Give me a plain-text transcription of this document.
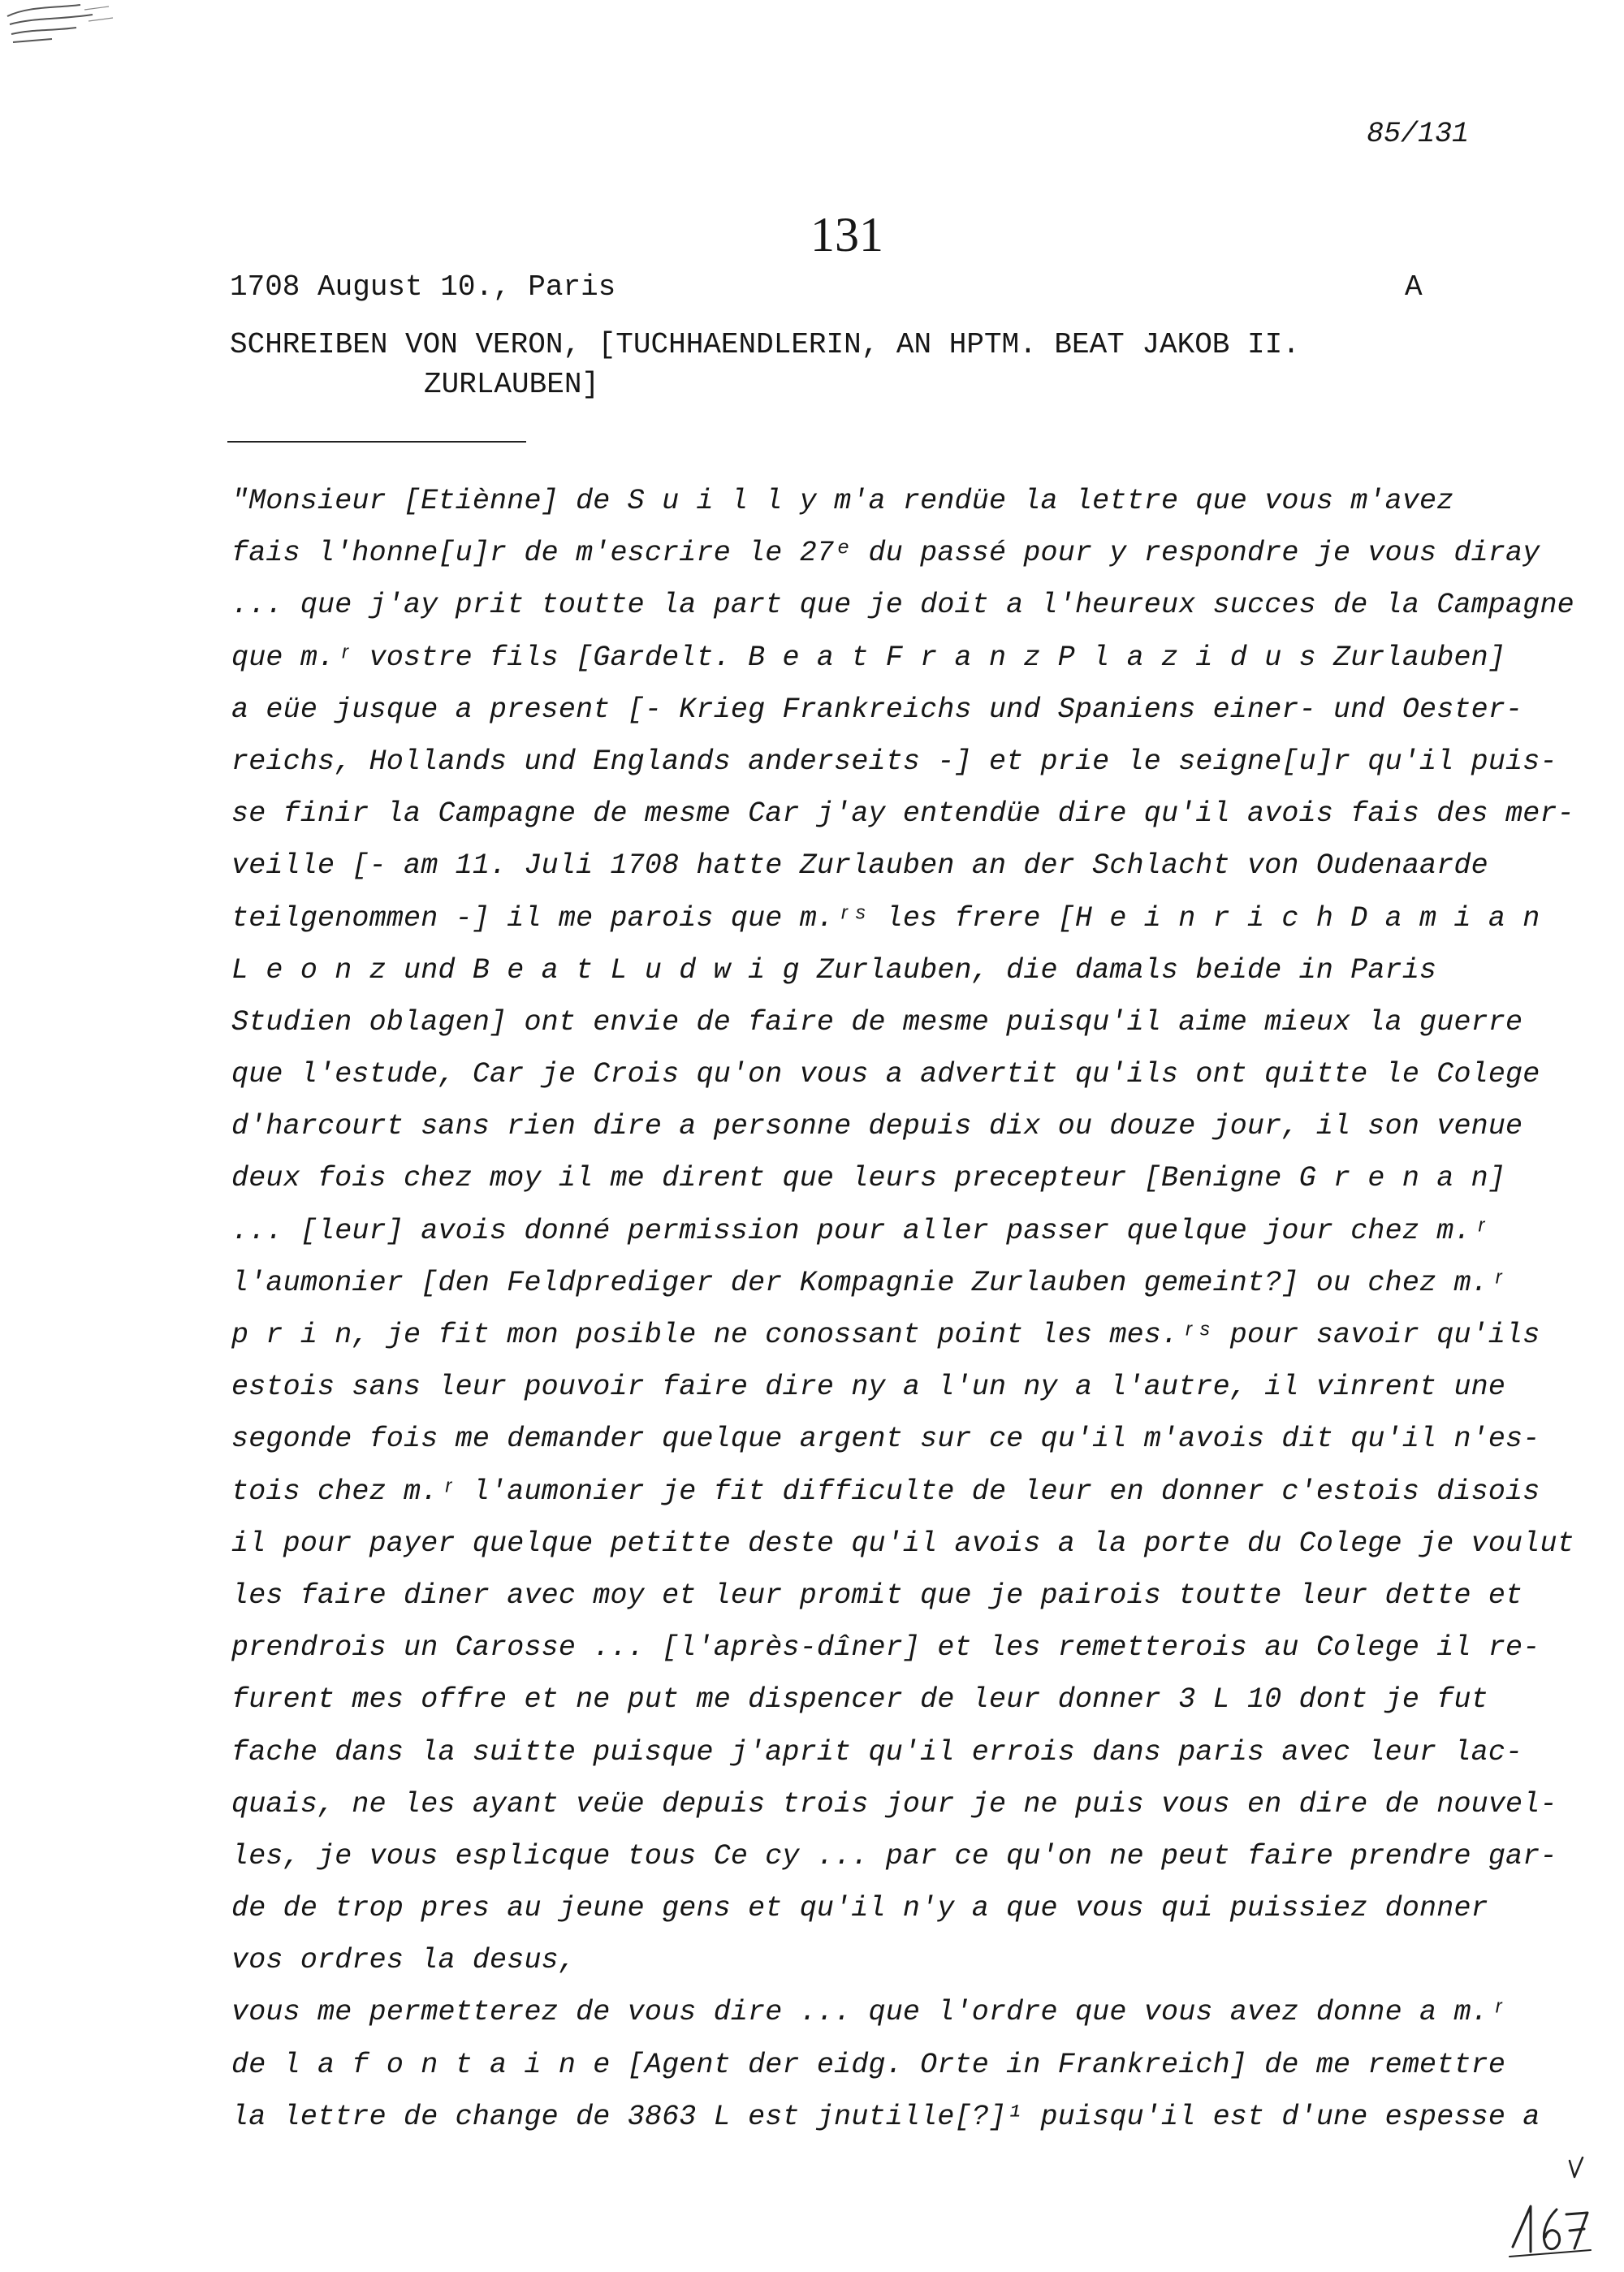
85/131
131
1708 August 10., Paris	A
SCHREIBEN VON VERON, [TUCHHAENDLERIN, AN HPTM. BEAT JAKOB II.
ZURLAUBEN]
"Monsieur [Etiènne] de S u i l l y m'a rendüe la lettre que vous m'avez
fais l'honne[u]r de m'escrire le 27ᵉ du passé pour y respondre je vous diray
... que j'ay prit toutte la part que je doit a l'heureux succes de la Campagne
que m.ʳ vostre fils [Gardelt. B e a t F r a n z P l a z i d u s Zurlauben]
a eüe jusque a present [- Krieg Frankreichs und Spaniens einer- und Oester-
reichs, Hollands und Englands anderseits -] et prie le seigne[u]r qu'il puis-
se finir la Campagne de mesme Car j'ay entendüe dire qu'il avois fais des mer-
veille [- am 11. Juli 1708 hatte Zurlauben an der Schlacht von Oudenaarde
teilgenommen -] il me parois que m.ʳˢ les frere [H e i n r i c h D a m i a n
L e o n z und B e a t L u d w i g Zurlauben, die damals beide in Paris
Studien oblagen] ont envie de faire de mesme puisqu'il aime mieux la guerre
que l'estude, Car je Crois qu'on vous a advertit qu'ils ont quitte le Colege
d'harcourt sans rien dire a personne depuis dix ou douze jour, il son venue
deux fois chez moy il me dirent que leurs precepteur [Benigne G r e n a n]
... [leur] avois donné permission pour aller passer quelque jour chez m.ʳ
l'aumonier [den Feldprediger der Kompagnie Zurlauben gemeint?] ou chez m.ʳ
p r i n, je fit mon posible ne conossant point les mes.ʳˢ pour savoir qu'ils
estois sans leur pouvoir faire dire ny a l'un ny a l'autre, il vinrent une
segonde fois me demander quelque argent sur ce qu'il m'avois dit qu'il n'es-
tois chez m.ʳ l'aumonier je fit difficulte de leur en donner c'estois disois
il pour payer quelque petitte deste qu'il avois a la porte du Colege je voulut
les faire diner avec moy et leur promit que je pairois toutte leur dette et
prendrois un Carosse ... [l'après-dîner] et les remetterois au Colege il re-
furent mes offre et ne put me dispencer de leur donner 3 L 10 dont je fut
fache dans la suitte puisque j'aprit qu'il errois dans paris avec leur lac-
quais, ne les ayant veüe depuis trois jour je ne puis vous en dire de nouvel-
les, je vous esplicque tous Ce cy ... par ce qu'on ne peut faire prendre gar-
de de trop pres au jeune gens et qu'il n'y a que vous qui puissiez donner
vos ordres la desus,
vous me permetterez de vous dire ... que l'ordre que vous avez donne a m.ʳ
de l a f o n t a i n e [Agent der eidg. Orte in Frankreich] de me remettre
la lettre de change de 3863 L est jnutille[?]¹ puisqu'il est d'une espesse a
